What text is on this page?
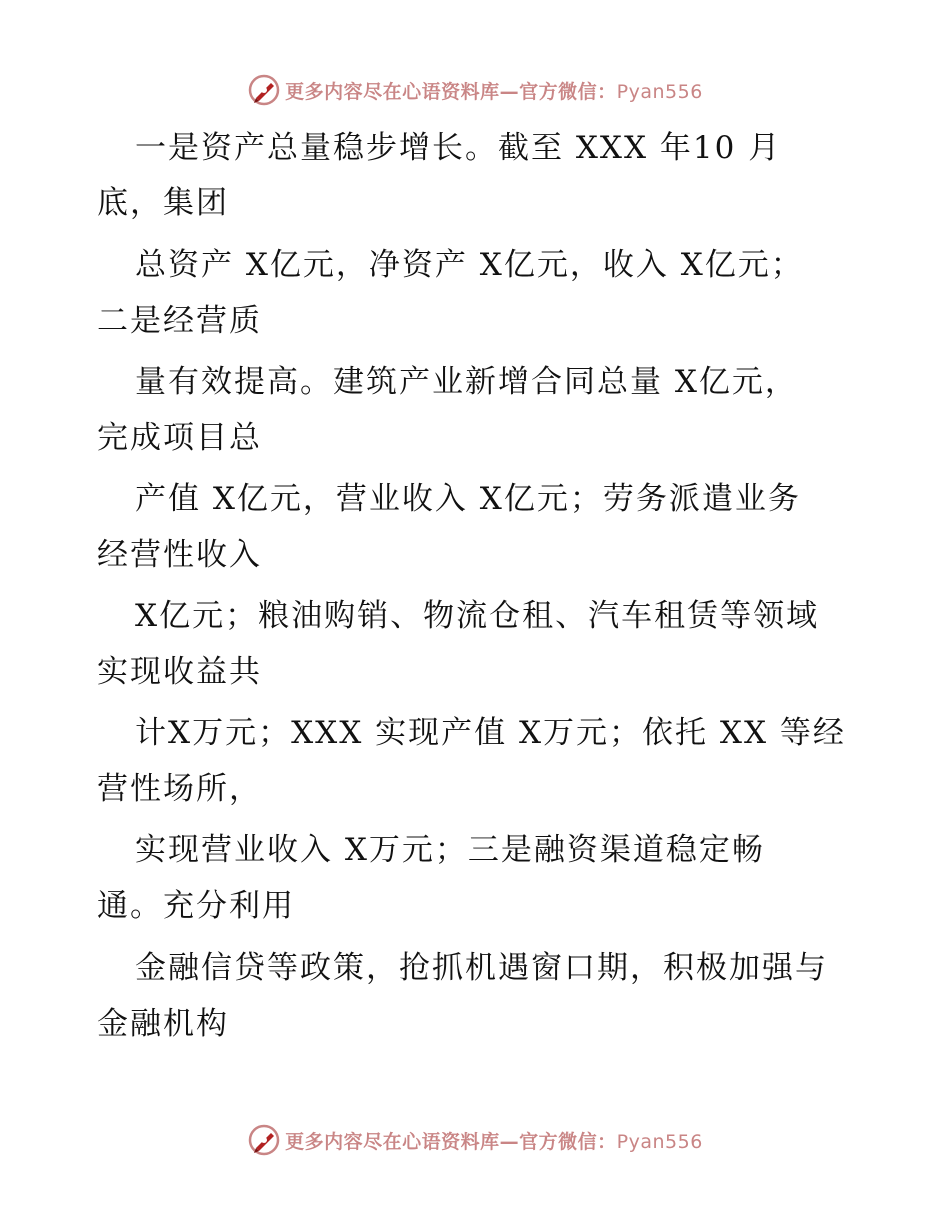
更多内容尽在心语资料库—官方微信：Pyan556
一是资产总量稳步增长。截至 XXX 年10 月
底，集团
总资产 X亿元，净资产 X亿元，收入 X亿元；
二是经营质
量有效提高。建筑产业新增合同总量 X亿元，
完成项目总
产值 X亿元，营业收入 X亿元；劳务派遣业务
经营性收入
X亿元；粮油购销、物流仓租、汽车租赁等领域
实现收益共
计X万元；XXX 实现产值 X万元；依托 XX 等经
营性场所，
实现营业收入 X万元；三是融资渠道稳定畅
通。充分利用
金融信贷等政策，抢抓机遇窗口期，积极加强与
金融机构
更多内容尽在心语资料库—官方微信：Pyan556
